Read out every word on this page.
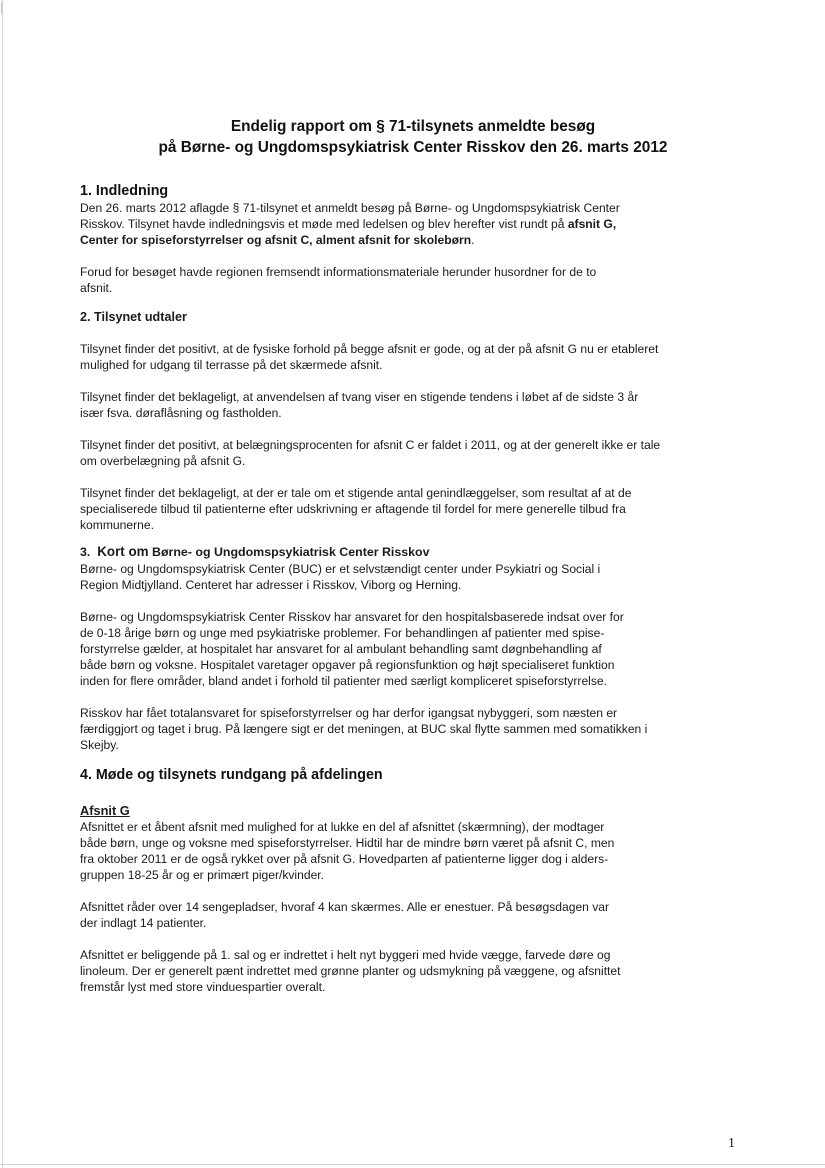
Endelig rapport om § 71-tilsynets anmeldte besøg

på Børne- og Ungdomspsykiatrisk Center Risskov den 26. marts 2012

1. Indledning

Den 26. marts 2012 aflagde § 71-tilsynet et anmeldt besøg på Børne- og Ungdomspsykiatrisk Center
Risskov. Tilsynet havde indledningsvis et møde med ledelsen og blev herefter vist rundt på afsnit G,
Center for spiseforstyrrelser og afsnit C, alment afsnit for skolebørn.

Forud for besøget havde regionen fremsendt informationsmateriale herunder husordner for de to
afsnit.

2. Tilsynet udtaler

Tilsynet finder det positivt, at de fysiske forhold på begge afsnit er gode, og at der på afsnit G nu er etableret
mulighed for udgang til terrasse på det skærmede afsnit.

Tilsynet finder det beklageligt, at anvendelsen af tvang viser en stigende tendens i løbet af de sidste 3 år
især fsva. døraflåsning og fastholden.

Tilsynet finder det positivt, at belægningsprocenten for afsnit C er faldet i 2011, og at der generelt ikke er tale
om overbelægning på afsnit G.

Tilsynet finder det beklageligt, at der er tale om et stigende antal genindlæggelser, som resultat af at de
specialiserede tilbud til patienterne efter udskrivning er aftagende til fordel for mere generelle tilbud fra
kommunerne.

3. Kort om Børne- og Ungdomspsykiatrisk Center Risskov

Børne- og Ungdomspsykiatrisk Center (BUC) er et selvstændigt center under Psykiatri og Social i
Region Midtjylland. Centeret har adresser i Risskov, Viborg og Herning.

Børne- og Ungdomspsykiatrisk Center Risskov har ansvaret for den hospitalsbaserede indsat over for
de 0-18 årige børn og unge med psykiatriske problemer. For behandlingen af patienter med spise-
forstyrrelse gælder, at hospitalet har ansvaret for al ambulant behandling samt døgnbehandling af
både børn og voksne. Hospitalet varetager opgaver på regionsfunktion og højt specialiseret funktion
inden for flere områder, bland andet i forhold til patienter med særligt kompliceret spiseforstyrrelse.

Risskov har fået totalansvaret for spiseforstyrrelser og har derfor igangsat nybyggeri, som næsten er
færdiggjort og taget i brug. På længere sigt er det meningen, at BUC skal flytte sammen med somatikken i
Skejby.

4. Møde og tilsynets rundgang på afdelingen
Afsnit G

Afsnittet er et åbent afsnit med mulighed for at lukke en del af afsnittet (skærmning), der modtager
både børn, unge og voksne med spiseforstyrrelser. Hidtil har de mindre børn været på afsnit C, men
fra oktober 2011 er de også rykket over på afsnit G. Hovedparten af patienterne ligger dog i alders-
gruppen 18-25 år og er primært piger/kvinder.

Afsnittet råder over 14 sengepladser, hvoraf 4 kan skærmes. Alle er enestuer. På besøgsdagen var
der indlagt 14 patienter.

Afsnittet er beliggende på 1. sal og er indrettet i helt nyt byggeri med hvide vægge, farvede døre og
linoleum. Der er generelt pænt indrettet med grønne planter og udsmykning på væggene, og afsnittet
fremstår lyst med store vinduespartier overalt.

1
